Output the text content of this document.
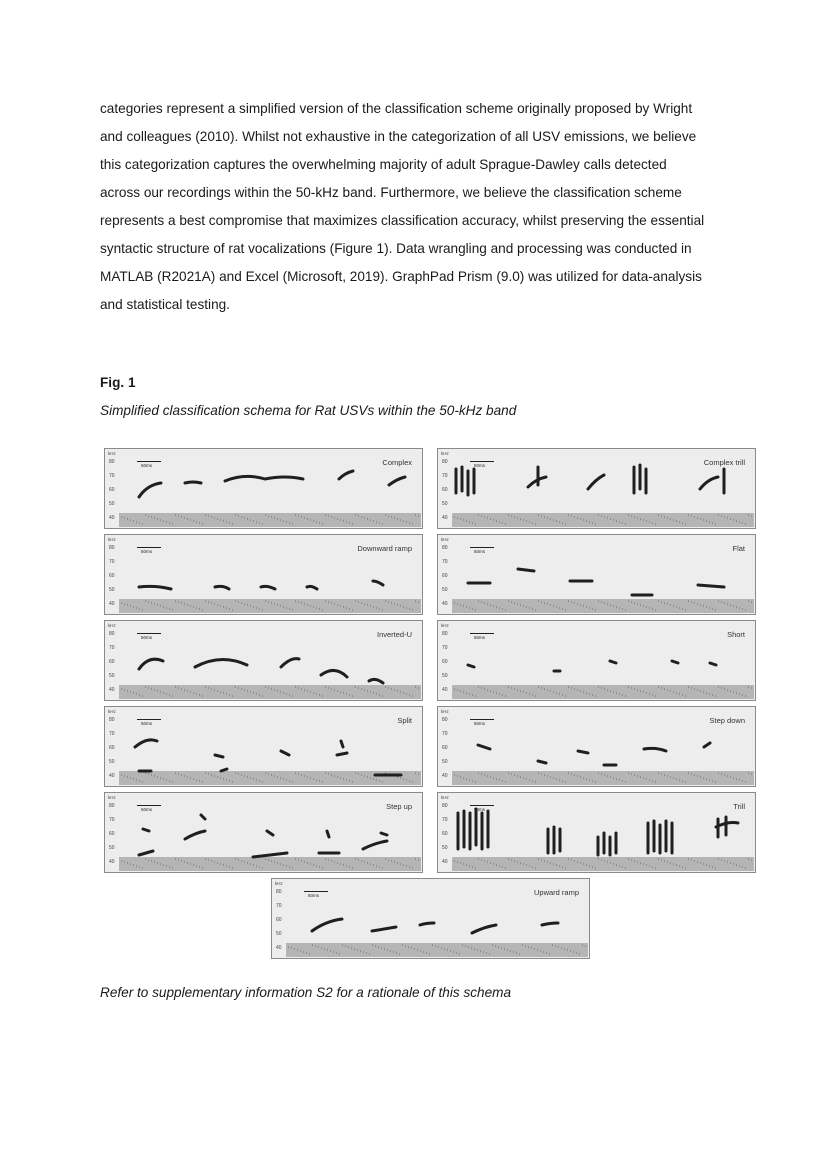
categories represent a simplified version of the classification scheme originally proposed by Wright
and colleagues (2010). Whilst not exhaustive in the categorization of all USV emissions, we believe
this categorization captures the overwhelming majority of adult Sprague-Dawley calls detected
across our recordings within the 50-kHz band. Furthermore, we believe the classification scheme
represents a best compromise that maximizes classification accuracy, whilst preserving the essential
syntactic structure of rat vocalizations (Figure 1). Data wrangling and processing was conducted in
MATLAB (R2021A) and Excel (Microsoft, 2019). GraphPad Prism (9.0) was utilized for data-analysis
and statistical testing.
Fig. 1
Simplified classification schema for Rat USVs within the 50-kHz band
kHz
80
70
60
50
40
50ms	Complex
kHz
80
70
60
50
40
50ms	Complex trill
kHz
80
70
60
50
40
50ms	Downward ramp
kHz
80
70
60
50
40
50ms	Flat
kHz
80
70
60
50
40
50ms	Inverted-U
kHz
80
70
60
50
40
50ms	Short
kHz
80
70
60
50
40
50ms	Split
kHz
80
70
60
50
40
50ms	Step down
kHz
80
70
60
50
40
50ms	Step up
kHz
80
70
60
50
40
50ms	Trill
kHz
80
70
60
50
40
50ms	Upward ramp
Refer to supplementary information S2 for a rationale of this schema
